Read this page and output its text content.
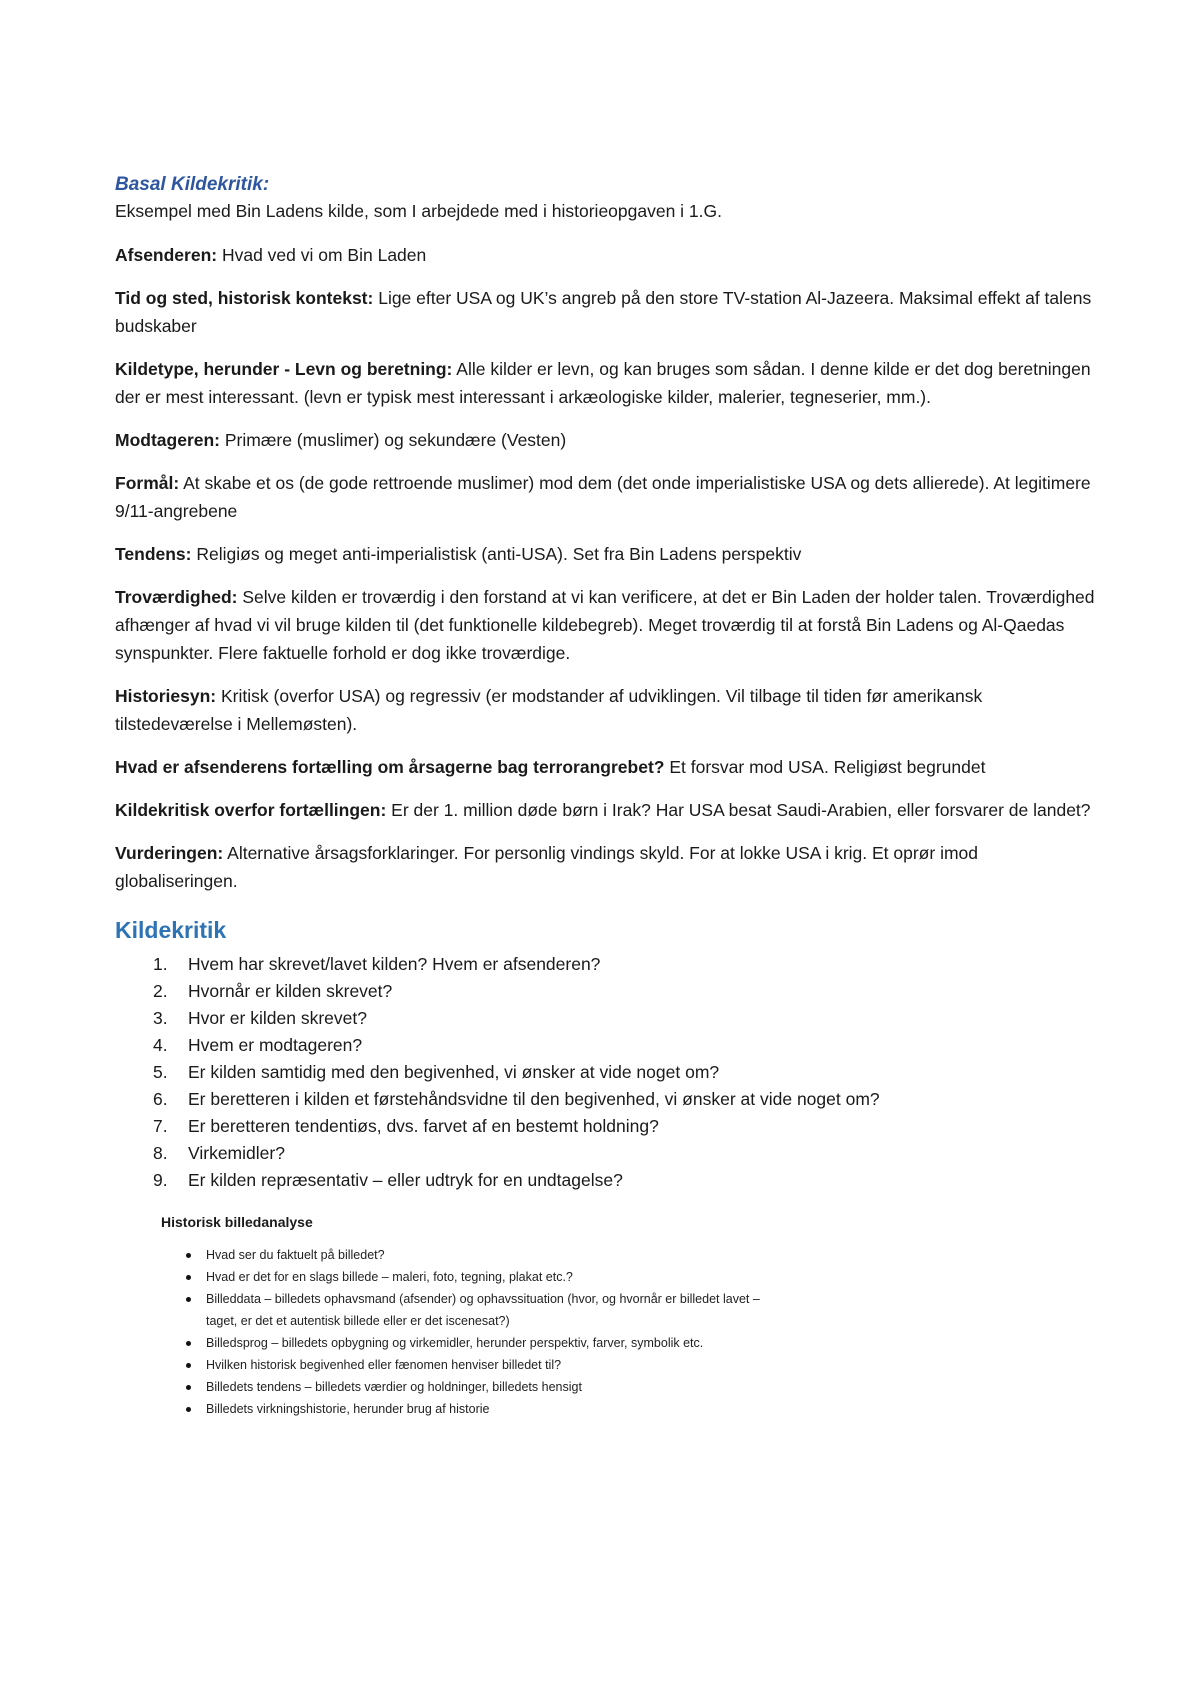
Basal Kildekritik:

Eksempel med Bin Ladens kilde, som I arbejdede med i historieopgaven i 1.G.

Afsenderen: Hvad ved vi om Bin Laden

Tid og sted, historisk kontekst: Lige efter USA og UK’s angreb på den store TV-station Al-Jazeera. Maksimal effekt af talens budskaber

Kildetype, herunder - Levn og beretning: Alle kilder er levn, og kan bruges som sådan. I denne kilde er det dog beretningen der er mest interessant. (levn er typisk mest interessant i arkæologiske kilder, malerier, tegneserier, mm.).

Modtageren: Primære (muslimer) og sekundære (Vesten)

Formål: At skabe et os (de gode rettroende muslimer) mod dem (det onde imperialistiske USA og dets allierede). At legitimere 9/11-angrebene

Tendens: Religiøs og meget anti-imperialistisk (anti-USA). Set fra Bin Ladens perspektiv

Troværdighed: Selve kilden er troværdig i den forstand at vi kan verificere, at det er Bin Laden der holder talen. Troværdighed afhænger af hvad vi vil bruge kilden til (det funktionelle kildebegreb). Meget troværdig til at forstå Bin Ladens og Al-Qaedas synspunkter. Flere faktuelle forhold er dog ikke troværdige.

Historiesyn: Kritisk (overfor USA) og regressiv (er modstander af udviklingen. Vil tilbage til tiden før amerikansk tilstedeværelse i Mellemøsten).

Hvad er afsenderens fortælling om årsagerne bag terrorangrebet? Et forsvar mod USA. Religiøst begrundet

Kildekritisk overfor fortællingen: Er der 1. million døde børn i Irak? Har USA besat Saudi-Arabien, eller forsvarer de landet?

Vurderingen: Alternative årsagsforklaringer. For personlig vindings skyld. For at lokke USA i krig. Et oprør imod globaliseringen.

Kildekritik
1. Hvem har skrevet/lavet kilden? Hvem er afsenderen?
2. Hvornår er kilden skrevet?
3. Hvor er kilden skrevet?
4. Hvem er modtageren?
5. Er kilden samtidig med den begivenhed, vi ønsker at vide noget om?
6. Er beretteren i kilden et førstehåndsvidne til den begivenhed, vi ønsker at vide noget om?
7. Er beretteren tendentiøs, dvs. farvet af en bestemt holdning?
8. Virkemidler?
9. Er kilden repræsentativ – eller udtryk for en undtagelse?

Historisk billedanalyse

Hvad ser du faktuelt på billedet?
Hvad er det for en slags billede – maleri, foto, tegning, plakat etc.?
Billeddata – billedets ophavsmand (afsender) og ophavssituation (hvor, og hvornår er billedet lavet – taget, er det et autentisk billede eller er det iscenesat?)
Billedsprog – billedets opbygning og virkemidler, herunder perspektiv, farver, symbolik etc.
Hvilken historisk begivenhed eller fænomen henviser billedet til?
Billedets tendens – billedets værdier og holdninger, billedets hensigt
Billedets virkningshistorie, herunder brug af historie
